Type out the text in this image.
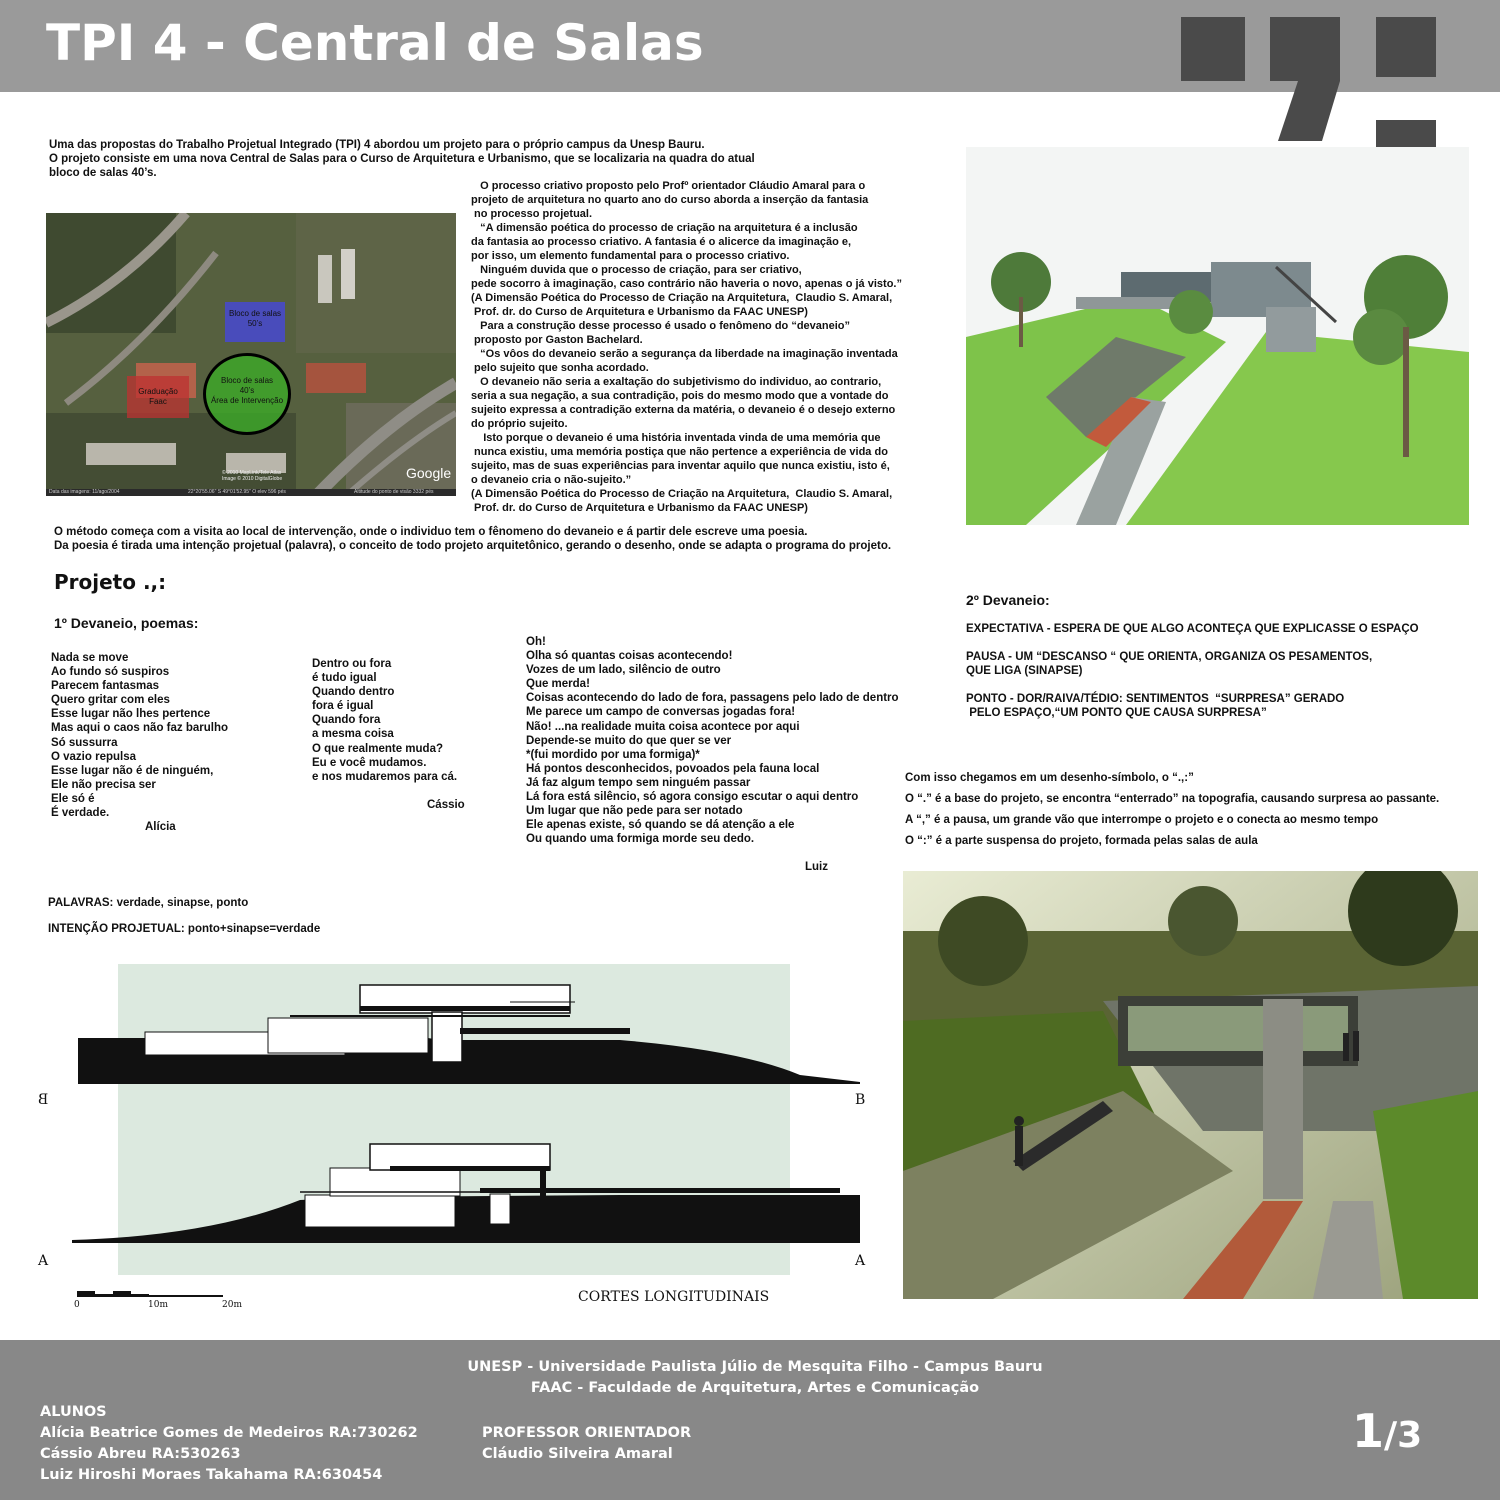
TPI 4 - Central de Salas
Uma das propostas do Trabalho Projetual Integrado (TPI) 4 abordou um projeto para o próprio campus da Unesp Bauru.
O projeto consiste em uma nova Central de Salas para o Curso de Arquitetura e Urbanismo, que se localizaria na quadra do atual
bloco de salas 40’s.
Bloco de salas
50’s
Graduação
Faac
Bloco de salas
40’s
Área de Intervenção
© 2010 MapLink/Tele Atlas
Image © 2010 DigitalGlobe	Google
Data das imagens: 11/ago/2004	22°20'55.06" S 49°01'52.95" O elev 596 pés	Altitude do ponto de visão 3332 pés
O processo criativo proposto pelo Profº orientador Cláudio Amaral para o
projeto de arquitetura no quarto ano do curso aborda a inserção da fantasia
no processo projetual.
“A dimensão poética do processo de criação na arquitetura é a inclusão
da fantasia ao processo criativo. A fantasia é o alicerce da imaginação e,
por isso, um elemento fundamental para o processo criativo.
Ninguém duvida que o processo de criação, para ser criativo,
pede socorro à imaginação, caso contrário não haveria o novo, apenas o já visto.”
(A Dimensão Poética do Processo de Criação na Arquitetura,  Claudio S. Amaral,
Prof. dr. do Curso de Arquitetura e Urbanismo da FAAC UNESP)
Para a construção desse processo é usado o fenômeno do “devaneio”
proposto por Gaston Bachelard.
“Os vôos do devaneio serão a segurança da liberdade na imaginação inventada
pelo sujeito que sonha acordado.
O devaneio não seria a exaltação do subjetivismo do individuo, ao contrario,
seria a sua negação, a sua contradição, pois do mesmo modo que a vontade do
sujeito expressa a contradição externa da matéria, o devaneio é o desejo externo
do próprio sujeito.
Isto porque o devaneio é uma história inventada vinda de uma memória que
nunca existiu, uma memória postiça que não pertence a experiência de vida do
sujeito, mas de suas experiências para inventar aquilo que nunca existiu, isto é,
o devaneio cria o não-sujeito.”
(A Dimensão Poética do Processo de Criação na Arquitetura,  Claudio S. Amaral,
Prof. dr. do Curso de Arquitetura e Urbanismo da FAAC UNESP)
O método começa com a visita ao local de intervenção, onde o individuo tem o fênomeno do devaneio e á partir dele escreve uma poesia.
Da poesia é tirada uma intenção projetual (palavra), o conceito de todo projeto arquitetônico, gerando o desenho, onde se adapta o programa do projeto.
Projeto .,:
1º Devaneio, poemas:
Nada se move
Ao fundo só suspiros
Parecem fantasmas
Quero gritar com eles
Esse lugar não lhes pertence
Mas aqui o caos não faz barulho
Só sussurra
O vazio repulsa
Esse lugar não é de ninguém,
Ele não precisa ser
Ele só é
É verdade.
Alícia
Dentro ou fora
é tudo igual
Quando dentro
fora é igual
Quando fora
a mesma coisa
O que realmente muda?
Eu e você mudamos.
e nos mudaremos para cá.
Cássio
Oh!
Olha só quantas coisas acontecendo!
Vozes de um lado, silêncio de outro
Que merda!
Coisas acontecendo do lado de fora, passagens pelo lado de dentro
Me parece um campo de conversas jogadas fora!
Não! ...na realidade muita coisa acontece por aqui
Depende-se muito do que quer se ver
*(fui mordido por uma formiga)*
Há pontos desconhecidos, povoados pela fauna local
Já faz algum tempo sem ninguém passar
Lá fora está silêncio, só agora consigo escutar o aqui dentro
Um lugar que não pede para ser notado
Ele apenas existe, só quando se dá atenção a ele
Ou quando uma formiga morde seu dedo.
Luiz
2º Devaneio:
EXPECTATIVA - ESPERA DE QUE ALGO ACONTEÇA QUE EXPLICASSE O ESPAÇO
PAUSA - UM “DESCANSO “ QUE ORIENTA, ORGANIZA OS PESAMENTOS,
QUE LIGA (SINAPSE)
PONTO - DOR/RAIVA/TÉDIO: SENTIMENTOS  “SURPRESA” GERADO
PELO ESPAÇO,“UM PONTO QUE CAUSA SURPRESA”
Com isso chegamos em um desenho-símbolo, o “.,:”
O “.” é a base do projeto, se encontra “enterrado” na topografia, causando surpresa ao passante.
A “,” é a pausa, um grande vão que interrompe o projeto e o conecta ao mesmo tempo
O “:” é a parte suspensa do projeto, formada pelas salas de aula
PALAVRAS: verdade, sinapse, ponto
INTENÇÃO PROJETUAL: ponto+sinapse=verdade
B	B
A	A
0	10m	20m	CORTES LONGITUDINAIS
UNESP - Universidade Paulista Júlio de Mesquita Filho - Campus Bauru
FAAC - Faculdade de Arquitetura, Artes e Comunicação
ALUNOS
Alícia Beatrice Gomes de Medeiros RA:730262
Cássio Abreu RA:530263
Luiz Hiroshi Moraes Takahama RA:630454
PROFESSOR ORIENTADOR
Cláudio Silveira Amaral	1/3
